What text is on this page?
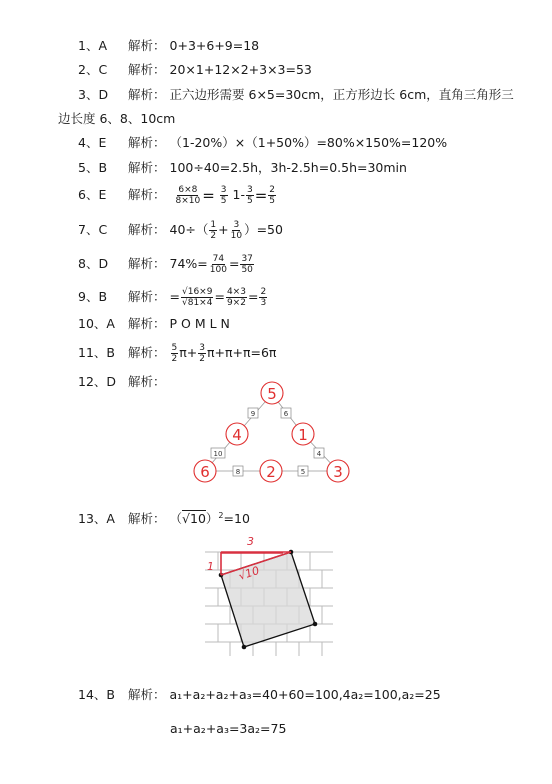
1、A 解析： 0+3+6+9=18
2、C 解析： 20×1+12×2+3×3=53
3、D 解析： 正六边形需要 6×5=30cm，正方形边长 6cm，直角三角形三
边长度 6、8、10cm
4、E 解析： （1-20%）×（1+50%）=80%×150%=120%
5、B 解析： 100÷40=2.5h，3h-2.5h=0.5h=30min
6、E 解析： $\frac{6\times 8}{8\times 10} = \frac{3}{5} 1- \frac{3}{5} = \frac{2}{5}$
7、C 解析： $40\div( \frac{1}{2} + \frac{3}{10} )=50$
8、D 解析： $74\%= \frac{74}{100} = \frac{37}{50}$
9、B 解析： = $\frac{√16\times 9}{√81\times 4} = \frac{4\times 3}{9\times 2} = \frac{2}{3}$
10、A 解析： P O M L N
11、B 解析： $\frac{5}{2} \pi+ \frac{3}{2} \pi+\pi+\pi=6\pi$
12、D 解析：
9	6
10	4
8	5
5
4	1
6	2	3
13、A 解析： $(√10)^2=10$
3
1 √10
14、B 解析： a₁+a₂+a₂+a₃=40+60=100,4a₂=100,a₂=25
a₁+a₂+a₃=3a₂=75
